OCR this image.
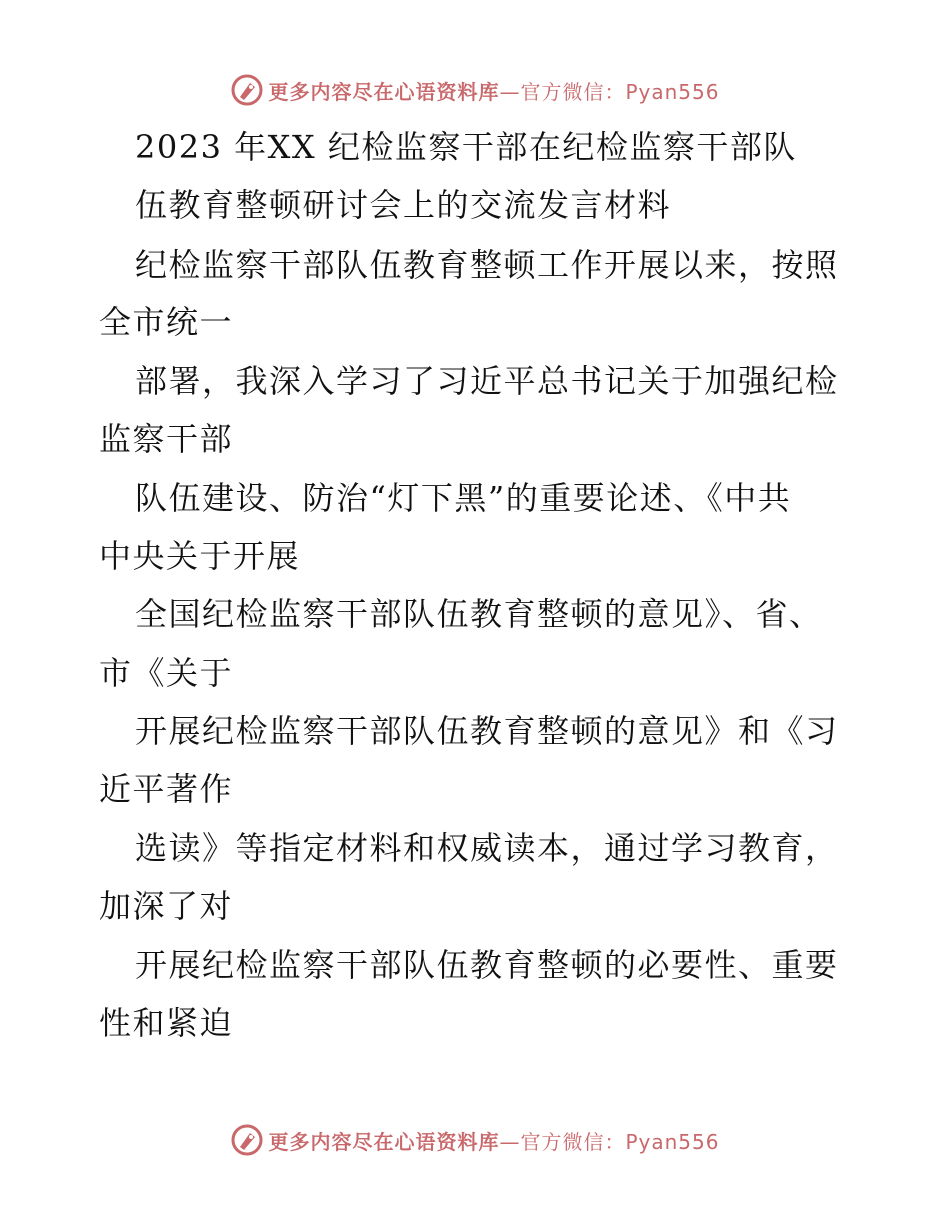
更多内容尽在心语资料库—官方微信：Pyan556
2023 年XX 纪检监察干部在纪检监察干部队
伍教育整顿研讨会上的交流发言材料
纪检监察干部队伍教育整顿工作开展以来，按照
全市统一
部署，我深入学习了习近平总书记关于加强纪检
监察干部
队伍建设、防治“灯下黑”的重要论述、《中共
中央关于开展
全国纪检监察干部队伍教育整顿的意见》、省、
市《关于
开展纪检监察干部队伍教育整顿的意见》和《习
近平著作
选读》等指定材料和权威读本，通过学习教育，
加深了对
开展纪检监察干部队伍教育整顿的必要性、重要
性和紧迫
更多内容尽在心语资料库—官方微信：Pyan556
